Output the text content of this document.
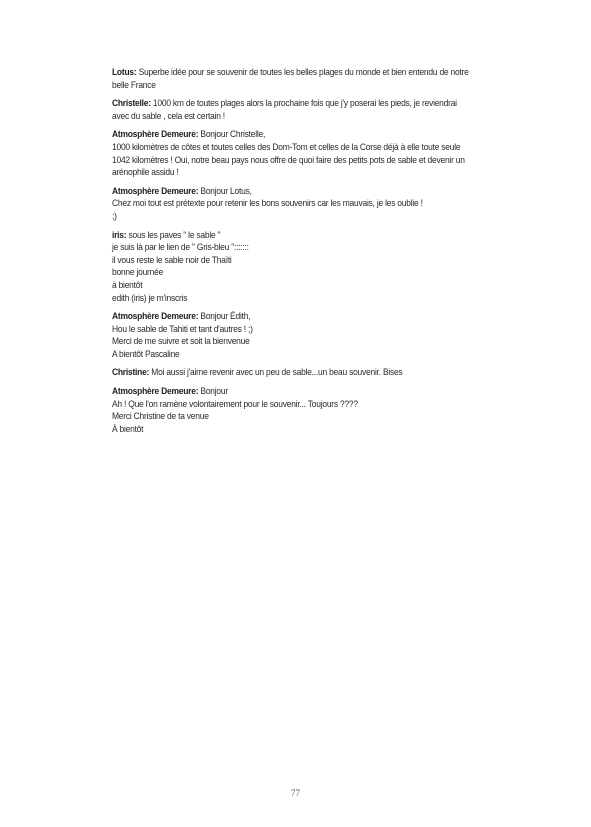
Lotus: Superbe idée pour se souvenir de toutes les belles plages du monde et bien entendu de notre
belle France
Christelle: 1000 km de toutes plages alors la prochaine fois que j'y poserai les pieds, je reviendrai
avec du sable , cela est certain !
Atmosphère Demeure: Bonjour Christelle,
1000 kilomètres de côtes et toutes celles des Dom-Tom et celles de la Corse déjà à elle toute seule
1042 kilomètres ! Oui, notre beau pays nous offre de quoi faire des petits pots de sable et devenir un
arénophile assidu !
Atmosphère Demeure: Bonjour Lotus,
Chez moi tout est prétexte pour retenir les bons souvenirs car les mauvais, je les oublie !
;)
iris: sous les paves " le sable "
je suis là par le lien de " Gris-bleu ":::::::
il vous reste le sable noir de Thaïti
bonne journée
à bientôt
edith (iris) je m'inscris
Atmosphère Demeure: Bonjour Édith,
Hou le sable de Tahiti et tant d'autres ! ;)
Merci de me suivre et soit la bienvenue
A bientôt Pascaline
Christine: Moi aussi j'aime revenir avec un peu de sable...un beau souvenir. Bises
Atmosphère Demeure: Bonjour
Ah ! Que l'on ramène volontairement pour le souvenir... Toujours ????
Merci Christine de ta venue
À bientôt
77
